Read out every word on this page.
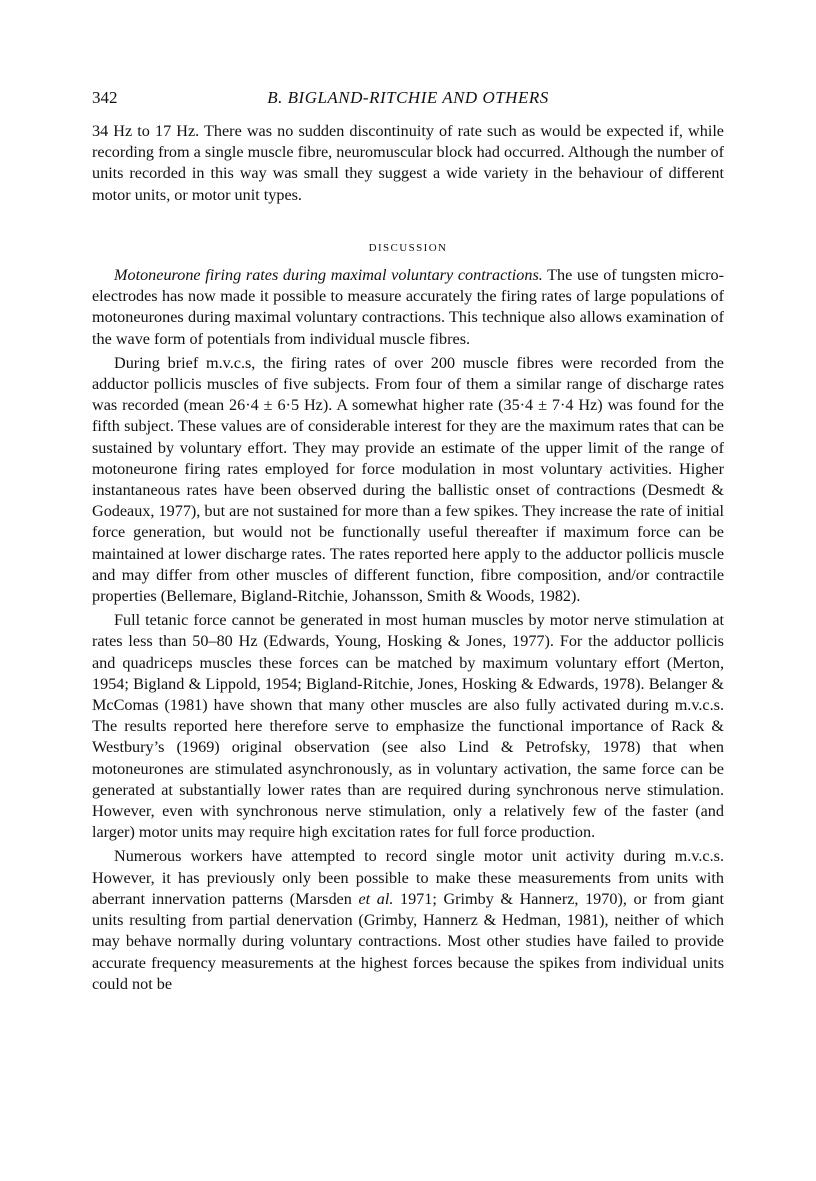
342	B. BIGLAND-RITCHIE AND OTHERS

34 Hz to 17 Hz. There was no sudden discontinuity of rate such as would be expected if, while recording from a single muscle fibre, neuromuscular block had occurred. Although the number of units recorded in this way was small they suggest a wide variety in the behaviour of different motor units, or motor unit types.

DISCUSSION

Motoneurone firing rates during maximal voluntary contractions. The use of tungsten micro-electrodes has now made it possible to measure accurately the firing rates of large populations of motoneurones during maximal voluntary contractions. This technique also allows examination of the wave form of potentials from individual muscle fibres.

During brief m.v.c.s, the firing rates of over 200 muscle fibres were recorded from the adductor pollicis muscles of five subjects. From four of them a similar range of discharge rates was recorded (mean 26·4 ± 6·5 Hz). A somewhat higher rate (35·4 ± 7·4 Hz) was found for the fifth subject. These values are of considerable interest for they are the maximum rates that can be sustained by voluntary effort. They may provide an estimate of the upper limit of the range of motoneurone firing rates employed for force modulation in most voluntary activities. Higher instantaneous rates have been observed during the ballistic onset of contractions (Desmedt & Godeaux, 1977), but are not sustained for more than a few spikes. They increase the rate of initial force generation, but would not be functionally useful thereafter if maximum force can be maintained at lower discharge rates. The rates reported here apply to the adductor pollicis muscle and may differ from other muscles of different function, fibre composition, and/or contractile properties (Bellemare, Bigland-Ritchie, Johansson, Smith & Woods, 1982).

Full tetanic force cannot be generated in most human muscles by motor nerve stimulation at rates less than 50–80 Hz (Edwards, Young, Hosking & Jones, 1977). For the adductor pollicis and quadriceps muscles these forces can be matched by maximum voluntary effort (Merton, 1954; Bigland & Lippold, 1954; Bigland-Ritchie, Jones, Hosking & Edwards, 1978). Belanger & McComas (1981) have shown that many other muscles are also fully activated during m.v.c.s. The results reported here therefore serve to emphasize the functional importance of Rack & Westbury’s (1969) original observation (see also Lind & Petrofsky, 1978) that when motoneurones are stimulated asynchronously, as in voluntary activation, the same force can be generated at substantially lower rates than are required during synchronous nerve stimulation. However, even with synchronous nerve stimulation, only a relatively few of the faster (and larger) motor units may require high excitation rates for full force production.

Numerous workers have attempted to record single motor unit activity during m.v.c.s. However, it has previously only been possible to make these measurements from units with aberrant innervation patterns (Marsden et al. 1971; Grimby & Hannerz, 1970), or from giant units resulting from partial denervation (Grimby, Hannerz & Hedman, 1981), neither of which may behave normally during voluntary contractions. Most other studies have failed to provide accurate frequency measurements at the highest forces because the spikes from individual units could not be
